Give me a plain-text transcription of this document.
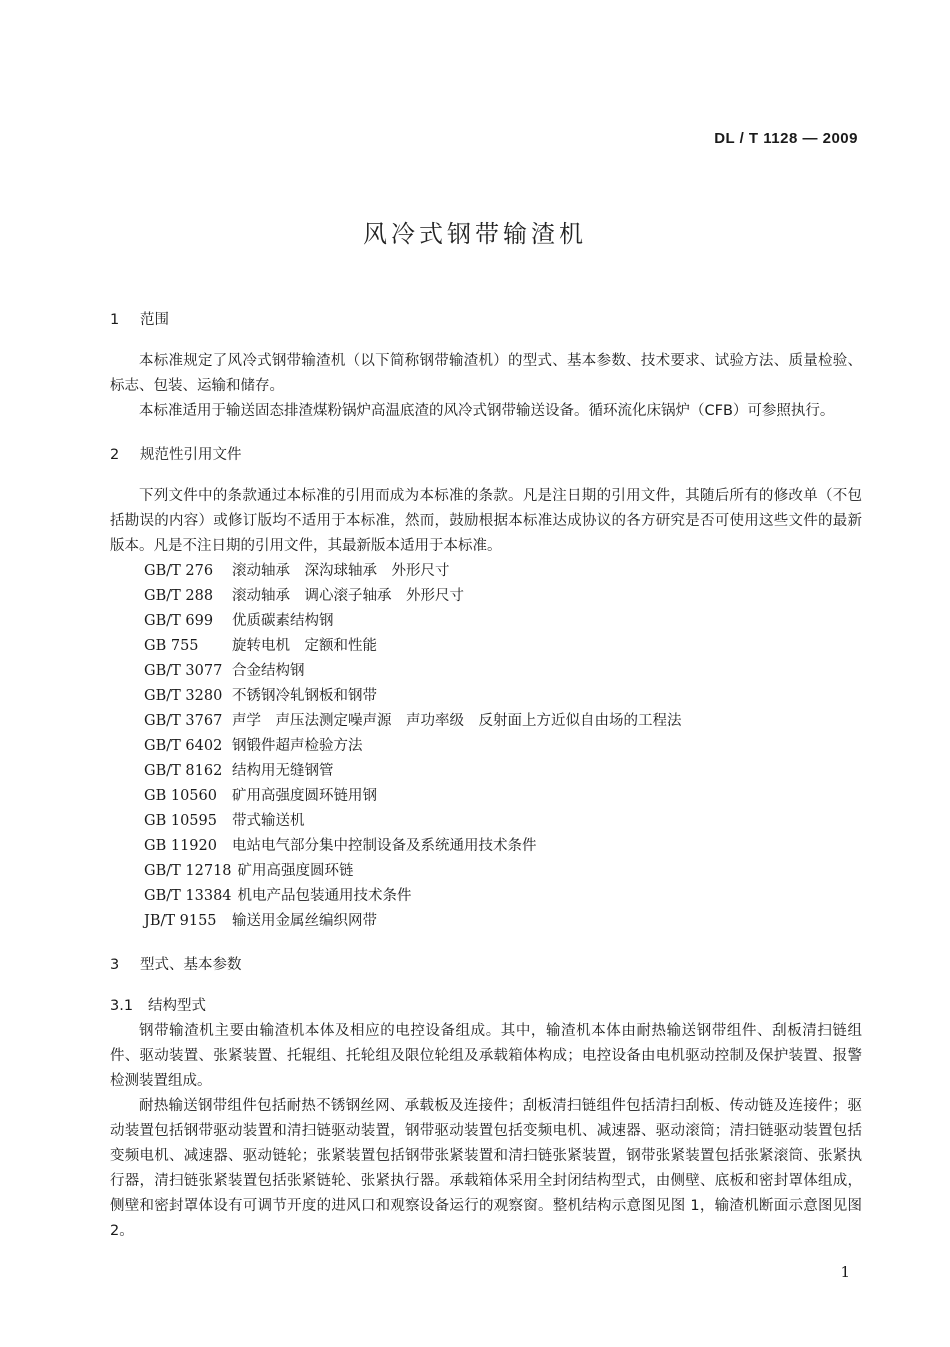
DL / T 1128 — 2009
风冷式钢带输渣机
1 范围

本标准规定了风冷式钢带输渣机（以下简称钢带输渣机）的型式、基本参数、技术要求、试验方法、质量检验、标志、包装、运输和储存。

本标准适用于输送固态排渣煤粉锅炉高温底渣的风冷式钢带输送设备。循环流化床锅炉（CFB）可参照执行。

2 规范性引用文件

下列文件中的条款通过本标准的引用而成为本标准的条款。凡是注日期的引用文件，其随后所有的修改单（不包括勘误的内容）或修订版均不适用于本标准，然而，鼓励根据本标准达成协议的各方研究是否可使用这些文件的最新版本。凡是不注日期的引用文件，其最新版本适用于本标准。

GB/T 276 滚动轴承　深沟球轴承　外形尺寸
GB/T 288 滚动轴承　调心滚子轴承　外形尺寸
GB/T 699 优质碳素结构钢
GB 755 旋转电机　定额和性能
GB/T 3077 合金结构钢
GB/T 3280 不锈钢冷轧钢板和钢带
GB/T 3767 声学　声压法测定噪声源　声功率级　反射面上方近似自由场的工程法
GB/T 6402 钢锻件超声检验方法
GB/T 8162 结构用无缝钢管
GB 10560 矿用高强度圆环链用钢
GB 10595 带式输送机
GB 11920 电站电气部分集中控制设备及系统通用技术条件
GB/T 12718 矿用高强度圆环链
GB/T 13384 机电产品包装通用技术条件
JB/T 9155 输送用金属丝编织网带
3 型式、基本参数
3.1 结构型式

钢带输渣机主要由输渣机本体及相应的电控设备组成。其中，输渣机本体由耐热输送钢带组件、刮板清扫链组件、驱动装置、张紧装置、托辊组、托轮组及限位轮组及承载箱体构成；电控设备由电机驱动控制及保护装置、报警检测装置组成。

耐热输送钢带组件包括耐热不锈钢丝网、承载板及连接件；刮板清扫链组件包括清扫刮板、传动链及连接件；驱动装置包括钢带驱动装置和清扫链驱动装置，钢带驱动装置包括变频电机、减速器、驱动滚筒；清扫链驱动装置包括变频电机、减速器、驱动链轮；张紧装置包括钢带张紧装置和清扫链张紧装置，钢带张紧装置包括张紧滚筒、张紧执行器，清扫链张紧装置包括张紧链轮、张紧执行器。承载箱体采用全封闭结构型式，由侧壁、底板和密封罩体组成，侧壁和密封罩体设有可调节开度的进风口和观察设备运行的观察窗。整机结构示意图见图 1，输渣机断面示意图见图 2。

1
